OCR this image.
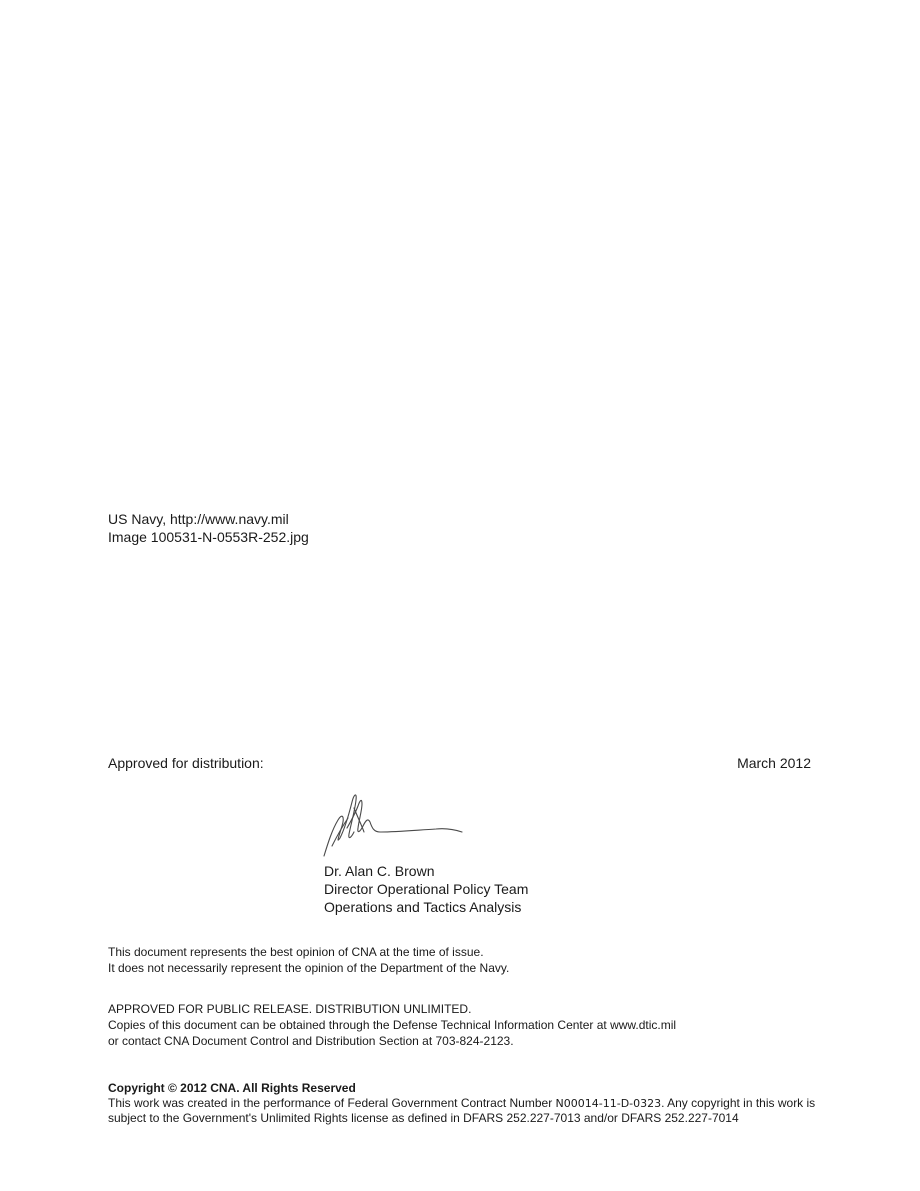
US Navy, http://www.navy.mil
Image 100531-N-0553R-252.jpg
Approved for distribution:	March 2012
Dr. Alan C. Brown
Director Operational Policy Team
Operations and Tactics Analysis
This document represents the best opinion of CNA at the time of issue.
It does not necessarily represent the opinion of the Department of the Navy.
APPROVED FOR PUBLIC RELEASE. DISTRIBUTION UNLIMITED.
Copies of this document can be obtained through the Defense Technical Information Center at www.dtic.mil
or contact CNA Document Control and Distribution Section at 703-824-2123.
Copyright © 2012 CNA. All Rights Reserved
This work was created in the performance of Federal Government Contract Number N00014-11-D-0323. Any copyright in this work is subject to the Government's Unlimited Rights license as defined in DFARS 252.227-7013 and/or DFARS 252.227-7014
